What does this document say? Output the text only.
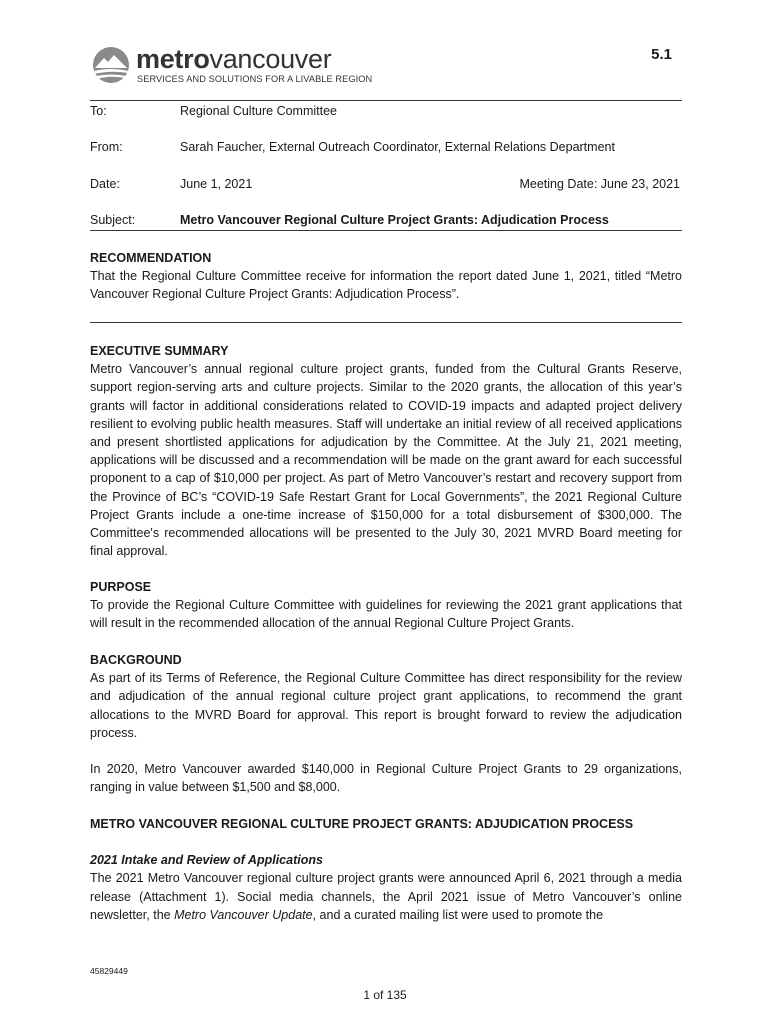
metrovancouver
SERVICES AND SOLUTIONS FOR A LIVABLE REGION
5.1
To:	Regional Culture Committee
From:	Sarah Faucher, External Outreach Coordinator, External Relations Department
Date:	June 1, 2021	Meeting Date: June 23, 2021
Subject:	Metro Vancouver Regional Culture Project Grants: Adjudication Process

RECOMMENDATION

That the Regional Culture Committee receive for information the report dated June 1, 2021, titled “Metro Vancouver Regional Culture Project Grants: Adjudication Process”.

EXECUTIVE SUMMARY

Metro Vancouver’s annual regional culture project grants, funded from the Cultural Grants Reserve, support region-serving arts and culture projects. Similar to the 2020 grants, the allocation of this year’s grants will factor in additional considerations related to COVID-19 impacts and adapted project delivery resilient to evolving public health measures. Staff will undertake an initial review of all received applications and present shortlisted applications for adjudication by the Committee. At the July 21, 2021 meeting, applications will be discussed and a recommendation will be made on the grant award for each successful proponent to a cap of $10,000 per project. As part of Metro Vancouver’s restart and recovery support from the Province of BC’s “COVID-19 Safe Restart Grant for Local Governments”, the 2021 Regional Culture Project Grants include a one-time increase of $150,000 for a total disbursement of $300,000. The Committee's recommended allocations will be presented to the July 30, 2021 MVRD Board meeting for final approval.

PURPOSE

To provide the Regional Culture Committee with guidelines for reviewing the 2021 grant applications that will result in the recommended allocation of the annual Regional Culture Project Grants.

BACKGROUND

As part of its Terms of Reference, the Regional Culture Committee has direct responsibility for the review and adjudication of the annual regional culture project grant applications, to recommend the grant allocations to the MVRD Board for approval. This report is brought forward to review the adjudication process.

In 2020, Metro Vancouver awarded $140,000 in Regional Culture Project Grants to 29 organizations, ranging in value between $1,500 and $8,000.

METRO VANCOUVER REGIONAL CULTURE PROJECT GRANTS: ADJUDICATION PROCESS

2021 Intake and Review of Applications

The 2021 Metro Vancouver regional culture project grants were announced April 6, 2021 through a media release (Attachment 1). Social media channels, the April 2021 issue of Metro Vancouver’s online newsletter, the Metro Vancouver Update, and a curated mailing list were used to promote the

45829449
1 of 135
